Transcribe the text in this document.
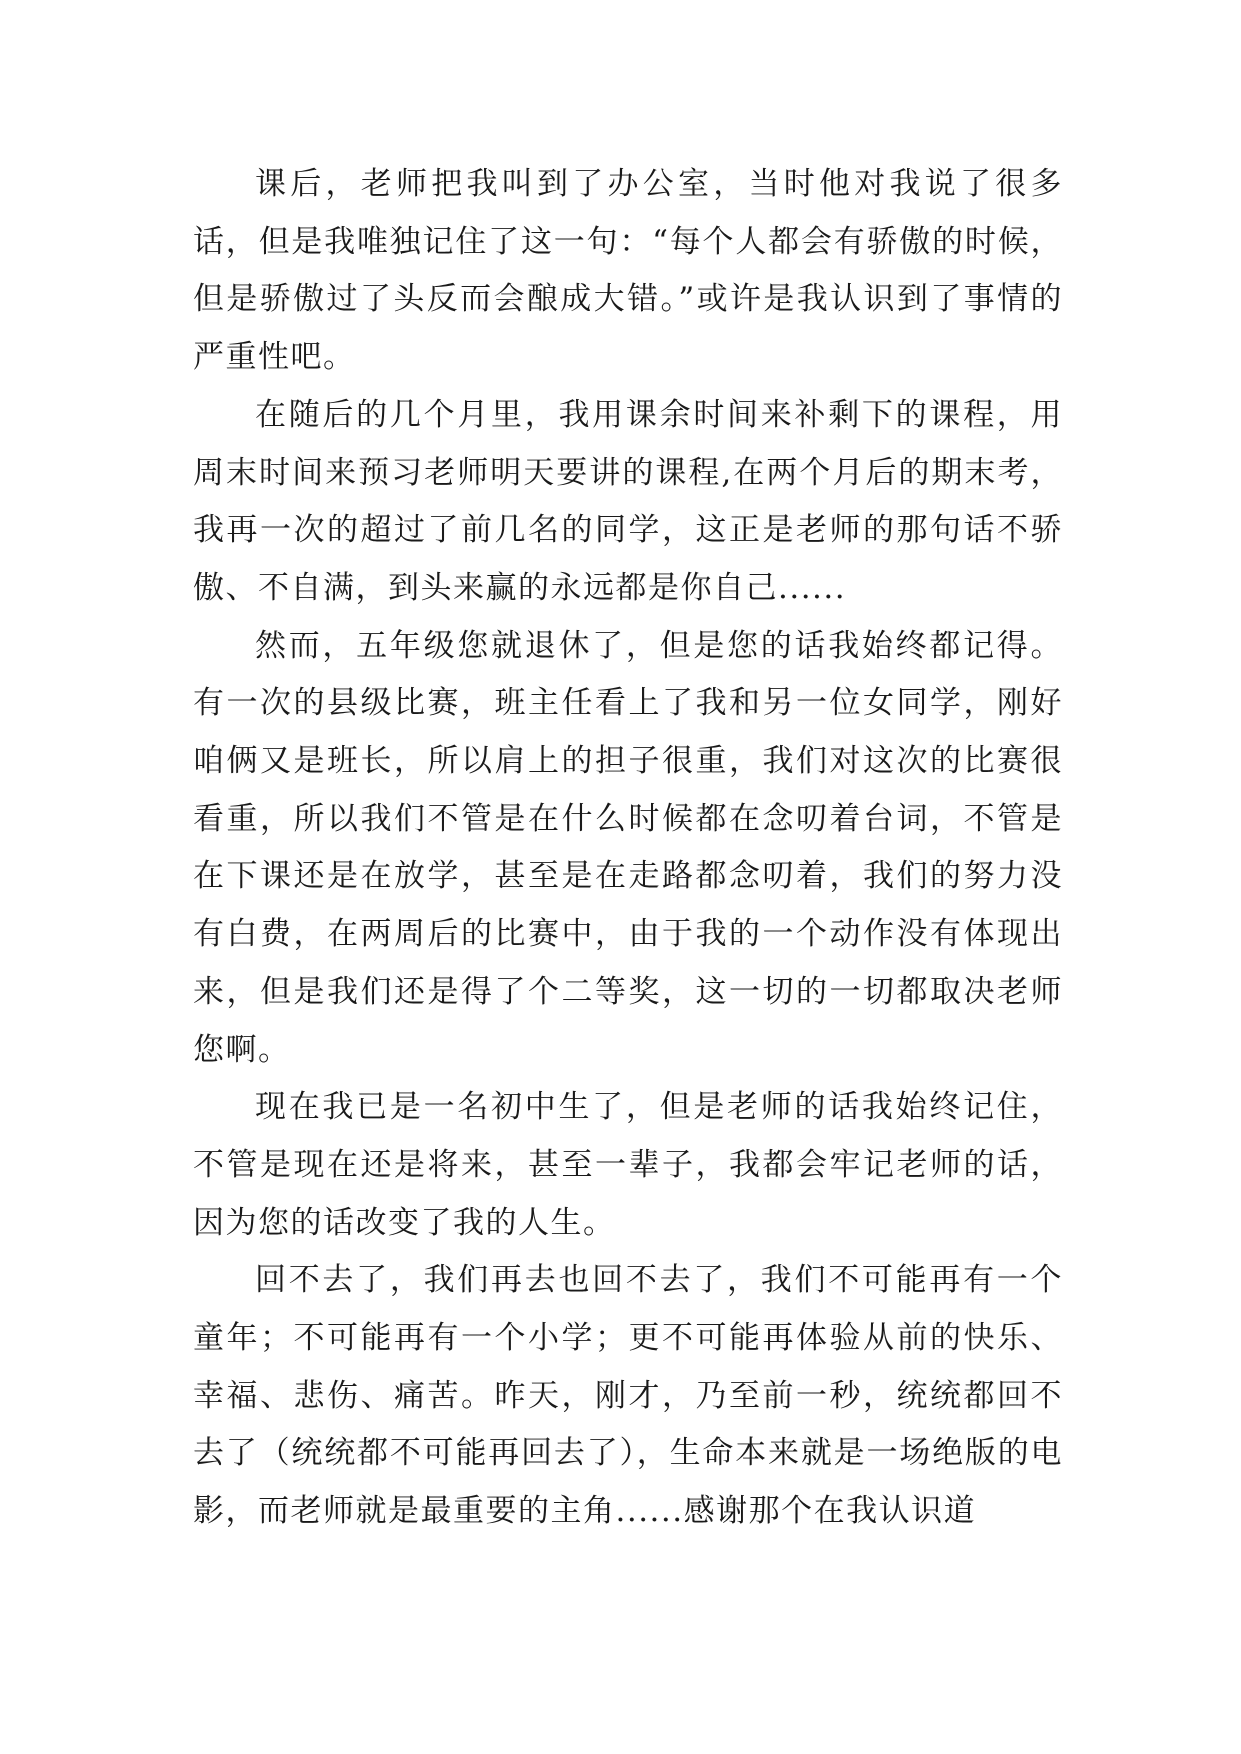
课后，老师把我叫到了办公室，当时他对我说了很多话，但是我唯独记住了这一句：“每个人都会有骄傲的时候，但是骄傲过了头反而会酿成大错。”或许是我认识到了事情的严重性吧。

在随后的几个月里，我用课余时间来补剩下的课程，用周末时间来预习老师明天要讲的课程,在两个月后的期末考，我再一次的超过了前几名的同学，这正是老师的那句话不骄傲、不自满，到头来赢的永远都是你自己......

然而，五年级您就退休了，但是您的话我始终都记得。有一次的县级比赛，班主任看上了我和另一位女同学，刚好咱俩又是班长，所以肩上的担子很重，我们对这次的比赛很看重，所以我们不管是在什么时候都在念叨着台词，不管是在下课还是在放学，甚至是在走路都念叨着，我们的努力没有白费，在两周后的比赛中，由于我的一个动作没有体现出来，但是我们还是得了个二等奖，这一切的一切都取决老师您啊。

现在我已是一名初中生了，但是老师的话我始终记住，不管是现在还是将来，甚至一辈子，我都会牢记老师的话，因为您的话改变了我的人生。

回不去了，我们再去也回不去了，我们不可能再有一个童年；不可能再有一个小学；更不可能再体验从前的快乐、幸福、悲伤、痛苦。昨天，刚才，乃至前一秒，统统都回不去了（统统都不可能再回去了），生命本来就是一场绝版的电影，而老师就是最重要的主角......感谢那个在我认识道
